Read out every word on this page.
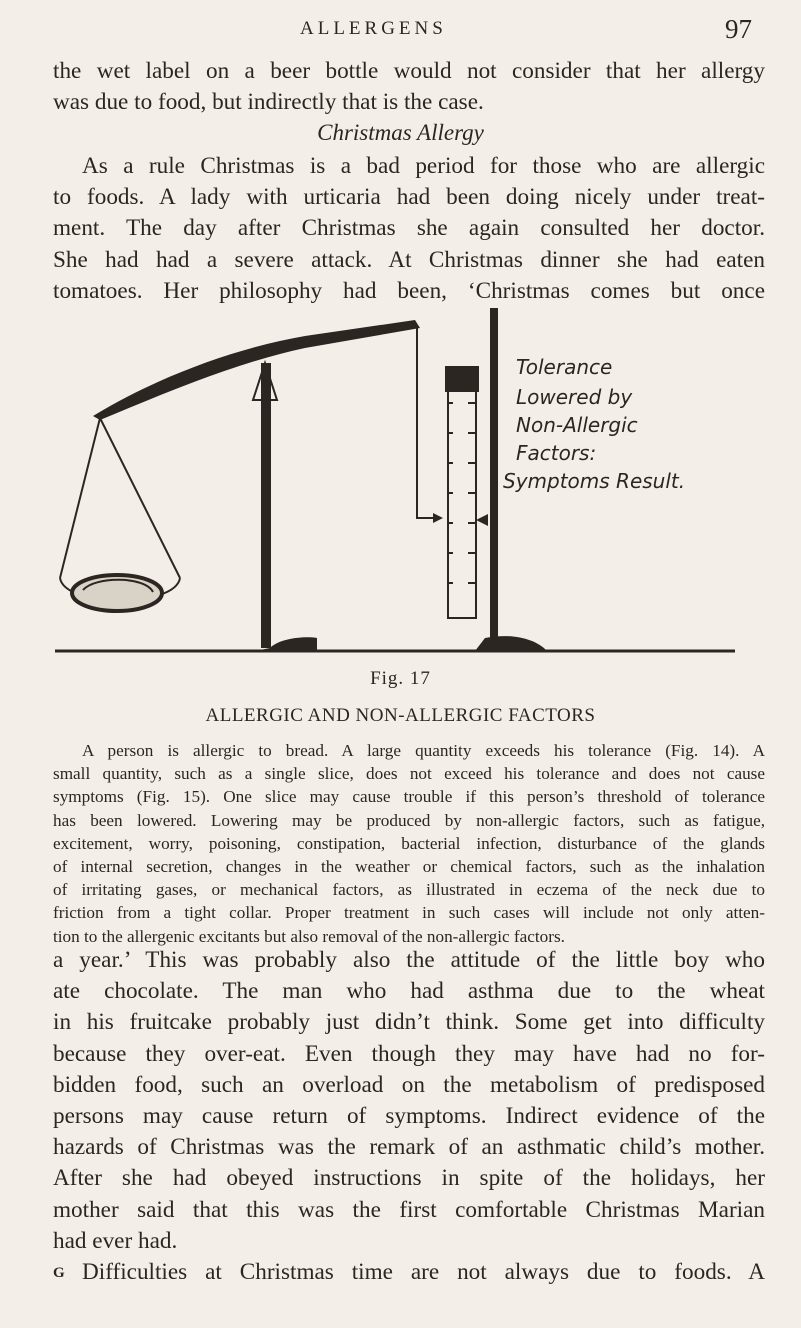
ALLERGENS	97

the wet label on a beer bottle would not consider that her allergy
was due to food, but indirectly that is the case.

Christmas Allergy

As a rule Christmas is a bad period for those who are allergic
to foods. A lady with urticaria had been doing nicely under treat-
ment. The day after Christmas she again consulted her doctor.
She had had a severe attack. At Christmas dinner she had eaten
tomatoes. Her philosophy had been, ‘Christmas comes but once

Tolerance
Lowered by
Non-Allergic
Factors:
Symptoms Result.
Fig. 17
ALLERGIC AND NON-ALLERGIC FACTORS

A person is allergic to bread. A large quantity exceeds his tolerance (Fig. 14). A
small quantity, such as a single slice, does not exceed his tolerance and does not cause
symptoms (Fig. 15). One slice may cause trouble if this person’s threshold of tolerance
has been lowered. Lowering may be produced by non-allergic factors, such as fatigue,
excitement, worry, poisoning, constipation, bacterial infection, disturbance of the glands
of internal secretion, changes in the weather or chemical factors, such as the inhalation
of irritating gases, or mechanical factors, as illustrated in eczema of the neck due to
friction from a tight collar. Proper treatment in such cases will include not only atten-
tion to the allergenic excitants but also removal of the non-allergic factors.

a year.’ This was probably also the attitude of the little boy who
ate chocolate. The man who had asthma due to the wheat
in his fruitcake probably just didn’t think. Some get into difficulty
because they over-eat. Even though they may have had no for-
bidden food, such an overload on the metabolism of predisposed
persons may cause return of symptoms. Indirect evidence of the
hazards of Christmas was the remark of an asthmatic child’s mother.
After she had obeyed instructions in spite of the holidays, her
mother said that this was the first comfortable Christmas Marian
had ever had.
Difficulties at Christmas time are not always due to foods. A

G
